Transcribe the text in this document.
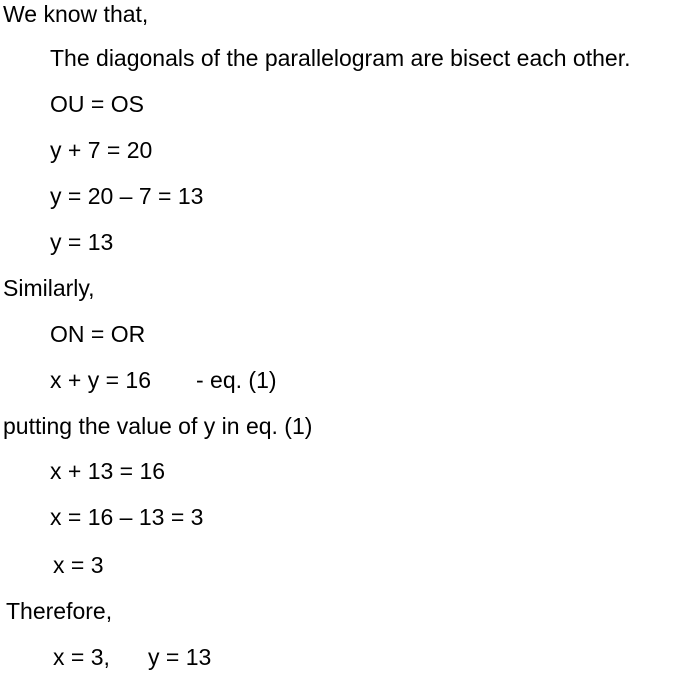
We know that,
The diagonals of the parallelogram are bisect each other.
OU = OS
y + 7 = 20
y = 20 – 7 = 13
y = 13
Similarly,
ON = OR
x + y = 16 - eq. (1)
putting the value of y in eq. (1)
x + 13 = 16
x = 16 – 13 = 3
x = 3
Therefore,
x = 3, y = 13
